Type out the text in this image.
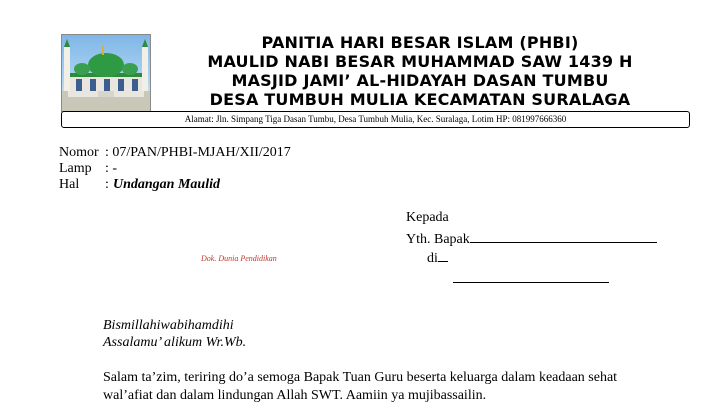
PANITIA HARI BESAR ISLAM (PHBI)
MAULID NABI BESAR MUHAMMAD SAW 1439 H
MASJID JAMI’ AL-HIDAYAH DASAN TUMBU
DESA TUMBUH MULIA KECAMATAN SURALAGA
Alamat: Jln. Simpang Tiga Dasan Tumbu, Desa Tumbuh Mulia, Kec. Suralaga, Lotim HP: 081997666360
Nomor : 07/PAN/PHBI-MJAH/XII/2017
Lamp : -
Hal : Undangan Maulid
Kepada
Yth. Bapak
di
Dok. Dunia Pendidikan
Bismillahiwabihamdihi
Assalamu’ alikum Wr.Wb.
Salam ta’zim, teriring do’a semoga Bapak Tuan Guru beserta keluarga dalam keadaan sehat
wal’afiat dan dalam lindungan Allah SWT. Aamiin ya mujibassailin.
